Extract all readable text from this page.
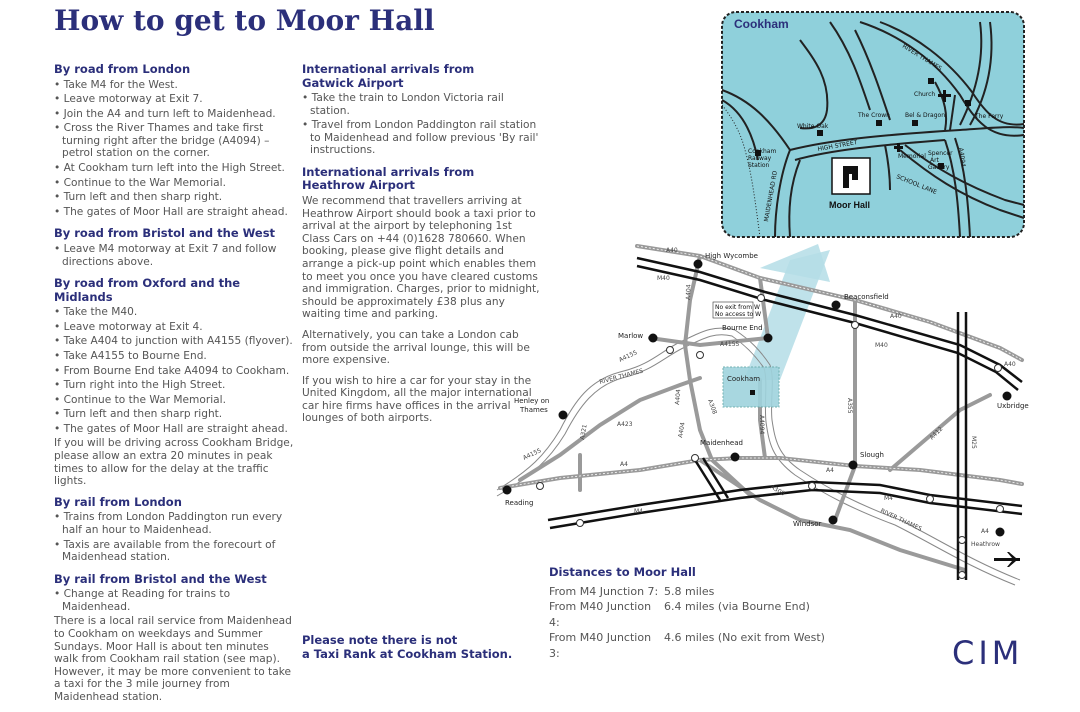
How to get to Moor Hall
By road from London
• Take M4 for the West.
• Leave motorway at Exit 7.
• Join the A4 and turn left to Maidenhead.
• Cross the River Thames and take first turning right after the bridge (A4094) – petrol station on the corner.
• At Cookham turn left into the High Street.
• Continue to the War Memorial.
• Turn left and then sharp right.
• The gates of Moor Hall are straight ahead.
By road from Bristol and the West
• Leave M4 motorway at Exit 7 and follow directions above.
By road from Oxford and the Midlands
• Take the M40.
• Leave motorway at Exit 4.
• Take A404 to junction with A4155 (flyover).
• Take A4155 to Bourne End.
• From Bourne End take A4094 to Cookham.
• Turn right into the High Street.
• Continue to the War Memorial.
• Turn left and then sharp right.
• The gates of Moor Hall are straight ahead.

If you will be driving across Cookham Bridge, please allow an extra 20 minutes in peak times to allow for the delay at the traffic lights.

By rail from London
• Trains from London Paddington run every half an hour to Maidenhead.
• Taxis are available from the forecourt of Maidenhead station.
By rail from Bristol and the West
• Change at Reading for trains to Maidenhead.

There is a local rail service from Maidenhead to Cookham on weekdays and Summer Sundays. Moor Hall is about ten minutes walk from Cookham rail station (see map). However, it may be more convenient to take a taxi for the 3 mile journey from Maidenhead station.

International arrivals from
Gatwick Airport
• Take the train to London Victoria rail station.
• Travel from London Paddington rail station to Maidenhead and follow previous 'By rail' instructions.
International arrivals from
Heathrow Airport

We recommend that travellers arriving at Heathrow Airport should book a taxi prior to arrival at the airport by telephoning 1st Class Cars on +44 (0)1628 780660. When booking, please give flight details and arrange a pick-up point which enables them to meet you once you have cleared customs and immigration. Charges, prior to midnight, should be approximately £38 plus any waiting time and parking.

Alternatively, you can take a London cab from outside the arrival lounge, this will be more expensive.

If you wish to hire a car for your stay in the United Kingdom, all the major international car hire firms have offices in the arrival lounges of both airports.

Please note there is not
a Taxi Rank at Cookham Station.
Distances to Moor Hall
From M4 Junction 7: 5.8 miles
From M40 Junction 4:
6.4 miles (via Bourne End)
From M40 Junction 3:
4.6 miles (No exit from West)	CIM
No exit from W
No access to W
High Wycombe
Beaconsfield
Marlow
Bourne End
Cookham
Henley on
Thames
Maidenhead
Slough
Uxbridge
Reading
Windsor
Heathrow
A40
A40
A40
M40
M40
A404
A404
A404
A4155
A4155
A4155
A308
A308
A4094
A355
A412
M25
A4
A4
A4
M4
M4
A423
A321
RIVER THAMES
RIVER THAMES
Cookham
Moor Hall
RIVER THAMES
Church
The Crown	Bel & Dragon	The Ferry
White Oak
HIGH STREET
Cookham
Railway
Station
Memorial Spencer
Art
Gallery
SCHOOL LANE
A4094
MAIDENHEAD RD
